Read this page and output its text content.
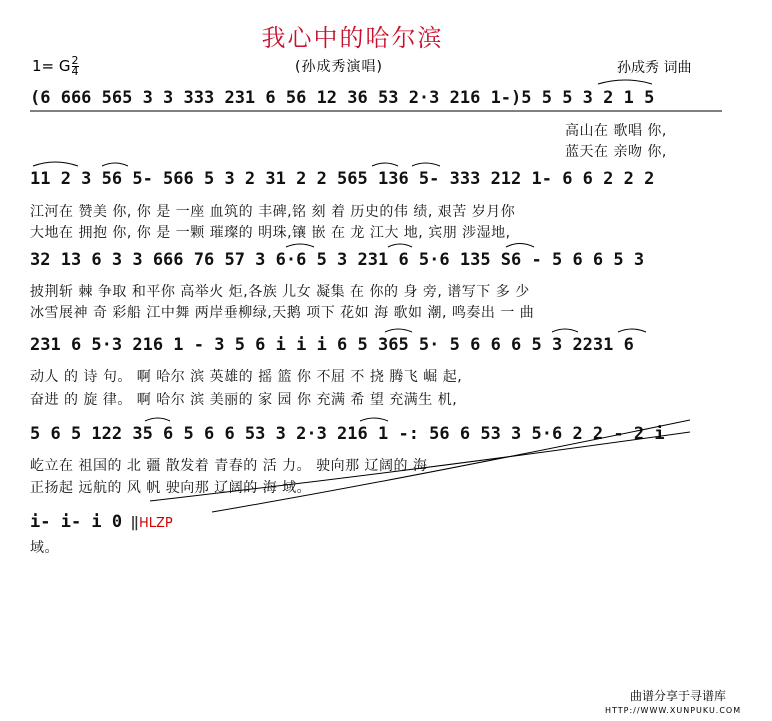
我心中的哈尔滨
1= G $\frac{2}{4}$	(孙成秀演唱)	孙成秀 词曲
(6 666 565 3 3 333 231 6 56 12 36 53 2·3 216 1-)5 5 5 3 2 1 5
高山在 歌唱 你,
蓝天在 亲吻 你,
11 2 3 56 5- 566 5 3 2 31 2 2 565 136 5- 333 212 1- 6 6 2 2 2
江河在 赞美 你, 你 是 一座 血筑的 丰碑,铭 刻 着 历史的伟 绩, 艰苦 岁月你
大地在 拥抱 你, 你 是 一颗 璀璨的 明珠,镶 嵌 在 龙 江大 地, 宾朋 涉湿地,
32 13 6 3 3 666 76 57 3 6·6 5 3 231 6 5·6 135 S6 - 5 6 6 5 3
披荆斩 棘 争取 和平你 高举火 炬,各族 儿女 凝集 在 你的 身 旁, 谱写下 多 少
冰雪展神 奇 彩船 江中舞 两岸垂柳绿,天鹅 项下 花如 海 歌如 潮, 鸣奏出 一 曲
231 6 5·3 216 1 - 3 5 6 i i i 6 5 365 5· 5 6 6 6 5 3 2231 6
动人 的 诗 句。 啊 哈尔 滨 英雄的 摇 篮 你 不屈 不 挠 腾飞 崛 起,
奋进 的 旋 律。 啊 哈尔 滨 美丽的 家 园 你 充满 希 望 充满生 机,
5 6 5 122 35 6 5 6 6 53 3 2·3 216 1 -: 56 6 53 3 5·6 2 2 - 2 i
屹立在 祖国的 北 疆 散发着 青春的 活 力。 驶向那 辽阔的 海
正扬起 远航的 风 帆 驶向那 辽阔的 海 域。
i- i- i 0 ‖HLZP
域。
曲谱分享于寻谱库
HTTP://WWW.XUNPUKU.COM
